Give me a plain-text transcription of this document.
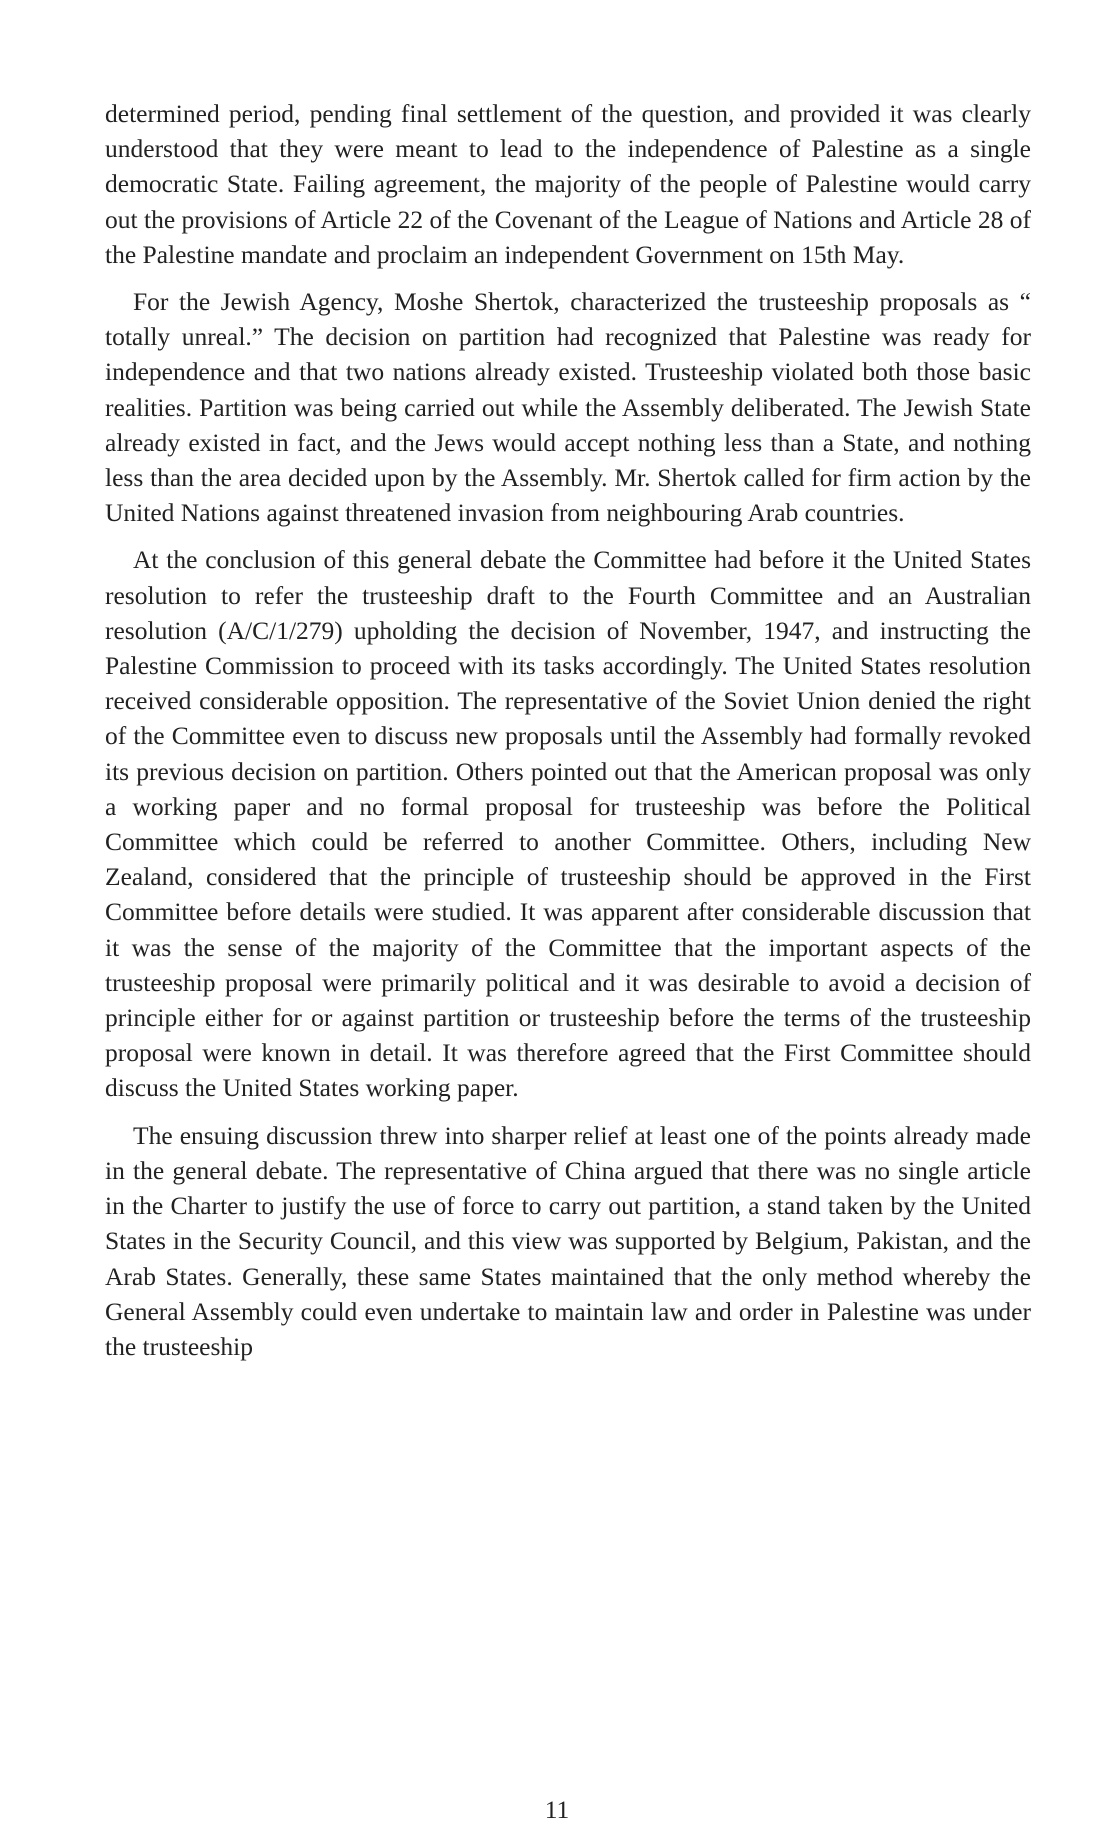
determined period, pending final settlement of the question, and provided it was clearly understood that they were meant to lead to the independence of Palestine as a single democratic State. Failing agreement, the majority of the people of Palestine would carry out the provisions of Article 22 of the Covenant of the League of Nations and Article 28 of the Palestine mandate and proclaim an independent Government on 15th May.

For the Jewish Agency, Moshe Shertok, characterized the trusteeship proposals as “ totally unreal.” The decision on partition had recognized that Palestine was ready for independence and that two nations already existed. Trusteeship violated both those basic realities. Partition was being carried out while the Assembly deliberated. The Jewish State already existed in fact, and the Jews would accept nothing less than a State, and nothing less than the area decided upon by the Assembly. Mr. Shertok called for firm action by the United Nations against threatened invasion from neighbouring Arab countries.

At the conclusion of this general debate the Committee had before it the United States resolution to refer the trusteeship draft to the Fourth Committee and an Australian resolution (A/C/1/279) upholding the decision of November, 1947, and instructing the Palestine Commission to proceed with its tasks accordingly. The United States resolution received considerable opposition. The representative of the Soviet Union denied the right of the Committee even to discuss new proposals until the Assembly had formally revoked its previous decision on partition. Others pointed out that the American proposal was only a working paper and no formal proposal for trusteeship was before the Political Committee which could be referred to another Committee. Others, including New Zealand, considered that the principle of trusteeship should be approved in the First Committee before details were studied. It was apparent after considerable discussion that it was the sense of the majority of the Committee that the important aspects of the trusteeship proposal were primarily political and it was desirable to avoid a decision of principle either for or against partition or trusteeship before the terms of the trusteeship proposal were known in detail. It was therefore agreed that the First Committee should discuss the United States working paper.

The ensuing discussion threw into sharper relief at least one of the points already made in the general debate. The representative of China argued that there was no single article in the Charter to justify the use of force to carry out partition, a stand taken by the United States in the Security Council, and this view was supported by Belgium, Pakistan, and the Arab States. Generally, these same States maintained that the only method whereby the General Assembly could even undertake to maintain law and order in Palestine was under the trusteeship

11
